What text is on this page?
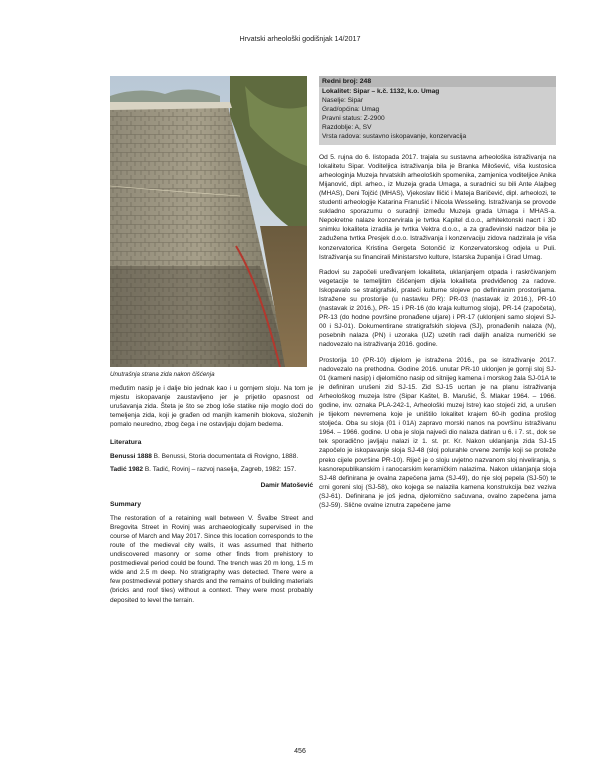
Hrvatski arheološki godišnjak 14/2017
Unutrašnja strana zida nakon čišćenja

međutim nasip je i dalje bio jednak kao i u gornjem sloju. Na tom je mjestu iskopavanje zaustavljeno jer je prijetilo opasnost od urušavanja zida. Šteta je što se zbog loše statike nije moglo doći do temeljenja zida, koji je građen od manjih kamenih blokova, složenih pomalo neuredno, zbog čega i ne ostavljaju dojam bedema.

Literatura
Benussi 1888 B. Benussi, Storia documentata di Rovigno, 1888.
Tadić 1982 B. Tadić, Rovinj – razvoj naselja, Zagreb, 1982: 157.
Damir Matošević
Summary

The restoration of a retaining wall between V. Švalbe Street and Bregovita Street in Rovinj was archaeologically supervised in the course of March and May 2017. Since this location corresponds to the route of the medieval city walls, it was assumed that hitherto undiscovered masonry or some other finds from prehistory to postmedieval period could be found. The trench was 20 m long, 1.5 m wide and 2.5 m deep. No stratigraphy was detected. There were a few postmedieval pottery shards and the remains of building materials (bricks and roof tiles) without a context. They were most probably deposited to level the terrain.

Redni broj: 248
Lokalitet: Sipar – k.č. 1132, k.o. Umag
Naselje: Sipar
Grad/općina: Umag
Pravni status: Z-2900
Razdoblje: A, SV
Vrsta radova: sustavno iskopavanje, konzervacija

Od 5. rujna do 6. listopada 2017. trajala su sustavna arheološka istraživanja na lokalitetu Sipar. Voditeljica istraživanja bila je Branka Milošević, viša kustosica arheologinja Muzeja hrvatskih arheoloških spomenika, zamjenica voditeljice Anika Mijanović, dipl. arheo., iz Muzeja grada Umaga, a suradnici su bili Ante Alajbeg (MHAS), Deni Tojčić (MHAS), Vjekoslav Iličić i Mateja Baričević, dipl. arheolozi, te studenti arheologije Katarina Franušić i Nicola Wesseling. Istraživanja se provode sukladno sporazumu o suradnji između Muzeja grada Umaga i MHAS-a. Nepokretne nalaze konzervirala je tvrtka Kapitel d.o.o., arhitektonski nacrt i 3D snimku lokaliteta izradila je tvrtka Vektra d.o.o., a za građevinski nadzor bila je zadužena tvrtka Presjek d.o.o. Istraživanja i konzervaciju zidova nadzirala je viša konzervatorica Kristina Gergeta Sotončić iz Konzervatorskog odjela u Puli. Istraživanja su financirali Ministarstvo kulture, Istarska županija i Grad Umag.

Radovi su započeli uređivanjem lokaliteta, uklanjanjem otpada i raskrčivanjem vegetacije te temeljitim čišćenjem dijela lokaliteta predviđenog za radove. Iskopavalo se stratigrafski, prateći kulturne slojeve po definiranim prostorijama. Istražene su prostorije (u nastavku PR): PR-03 (nastavak iz 2016.), PR-10 (nastavak iz 2016.), PR- 15 i PR-16 (do kraja kulturnog sloja), PR-14 (započeta), PR-13 (do hodne površine pronađene uljare) i PR-17 (uklonjeni samo slojevi SJ-00 i SJ-01). Dokumentirane stratigrafskih slojeva (SJ), pronađenih nalaza (N), posebnih nalaza (PN) i uzoraka (UZ) uzetih radi daljih analiza numerički se nadovezalo na istraživanja 2016. godine.

Prostorija 10 (PR-10) dijelom je istražena 2016., pa se istraživanje 2017. nadovezalo na prethodna. Godine 2016. unutar PR-10 uklonjen je gornji sloj SJ-01 (kameni nasip) i djelomično nasip od sitnijeg kamena i morskog žala SJ-01A te je definiran urušeni zid SJ-15. Zid SJ-15 ucrtan je na planu istraživanja Arheološkog muzeja Istre (Sipar Kaštel, B. Marušić, Š. Mlakar 1964. – 1966. godine, inv. oznaka PLA-242-1, Arheološki muzej Istre) kao stojeći zid, a urušen je tijekom nevremena koje je uništilo lokalitet krajem 60-ih godina prošlog stoljeća. Oba su sloja (01 i 01A) zapravo morski nanos na površinu istraživanu 1964. – 1966. godine. U oba je sloja najveći dio nalaza datiran u 6. i 7. st., dok se tek sporadično javljaju nalazi iz 1. st. pr. Kr. Nakon uklanjanja zida SJ-15 započelo je iskopavanje sloja SJ-48 (sloj polurahle crvene zemlje koji se proteže preko cijele površine PR-10). Riječ je o sloju uvjetno nazvanom sloj niveliranja, s kasnorepublikanskim i ranocarskim keramičkim nalazima. Nakon uklanjanja sloja SJ-48 definirana je ovalna zapečena jama (SJ-49), do nje sloj pepela (SJ-50) te crni goreni sloj (SJ-58), oko kojega se nalazila kamena konstrukcija bez veziva (SJ-61). Definirana je još jedna, djelomično sačuvana, ovalno zapečena jama (SJ-59). Slične ovalne iznutra zapečene jame

456
